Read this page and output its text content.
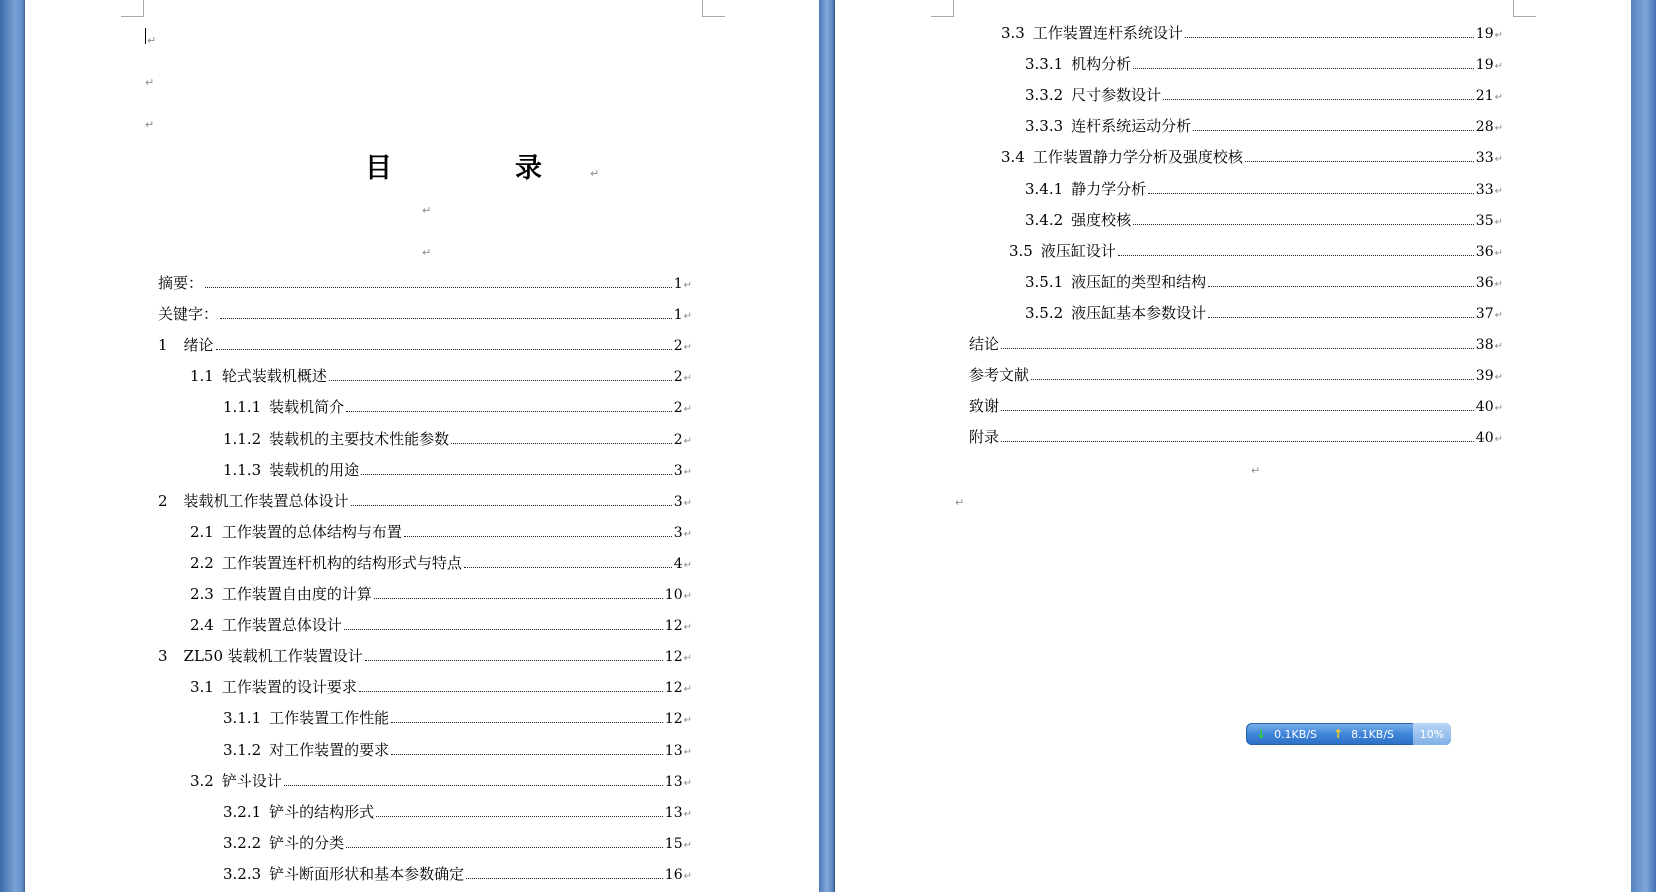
↵
↵
↵
目　录↵
↵
↵
摘要：	1 ↵
关键字：	1 ↵
1 绪论	2 ↵
1.1 轮式装载机概述	2 ↵
1.1.1 装载机简介	2 ↵
1.1.2 装载机的主要技术性能参数	2 ↵
1.1.3 装载机的用途	3 ↵
2 装载机工作装置总体设计	3 ↵
2.1 工作装置的总体结构与布置	3 ↵
2.2 工作装置连杆机构的结构形式与特点	4 ↵
2.3 工作装置自由度的计算	10 ↵
2.4 工作装置总体设计	12 ↵
3 ZL50 装载机工作装置设计	12 ↵
3.1 工作装置的设计要求	12 ↵
3.1.1 工作装置工作性能	12 ↵
3.1.2 对工作装置的要求	13 ↵
3.2 铲斗设计	13 ↵
3.2.1 铲斗的结构形式	13 ↵
3.2.2 铲斗的分类	15 ↵
3.2.3 铲斗断面形状和基本参数确定	16 ↵
3.3 工作装置连杆系统设计	19 ↵
3.3.1 机构分析	19 ↵
3.3.2 尺寸参数设计	21 ↵
3.3.3 连杆系统运动分析	28 ↵
3.4 工作装置静力学分析及强度校核	33 ↵
3.4.1 静力学分析	33 ↵
3.4.2 强度校核	35 ↵
3.5 液压缸设计	36 ↵
3.5.1 液压缸的类型和结构	36 ↵
3.5.2 液压缸基本参数设计	37 ↵
结论	38 ↵
参考文献	39 ↵
致谢	40 ↵
附录	40 ↵
↵
↵
↓ 0.1KB/S ↑ 8.1KB/S	10%
